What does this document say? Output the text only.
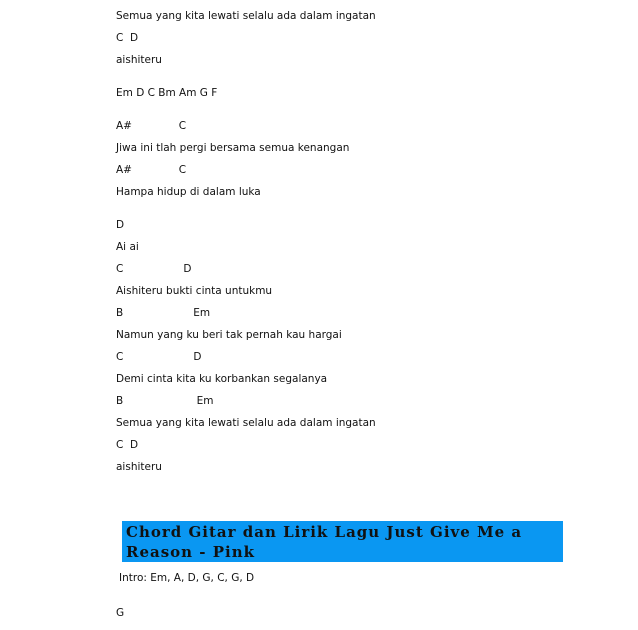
Semua yang kita lewati selalu ada dalam ingatan
C  D
aishiteru
Em D C Bm Am G F
A#              C
Jiwa ini tlah pergi bersama semua kenangan
A#              C
Hampa hidup di dalam luka
D
Ai ai
C                  D
Aishiteru bukti cinta untukmu
B                     Em
Namun yang ku beri tak pernah kau hargai
C                     D
Demi cinta kita ku korbankan segalanya
B                      Em
Semua yang kita lewati selalu ada dalam ingatan
C  D
aishiteru
Chord Gitar dan Lirik Lagu Just Give Me a Reason - Pink
Intro: Em, A, D, G, C, G, D
G
